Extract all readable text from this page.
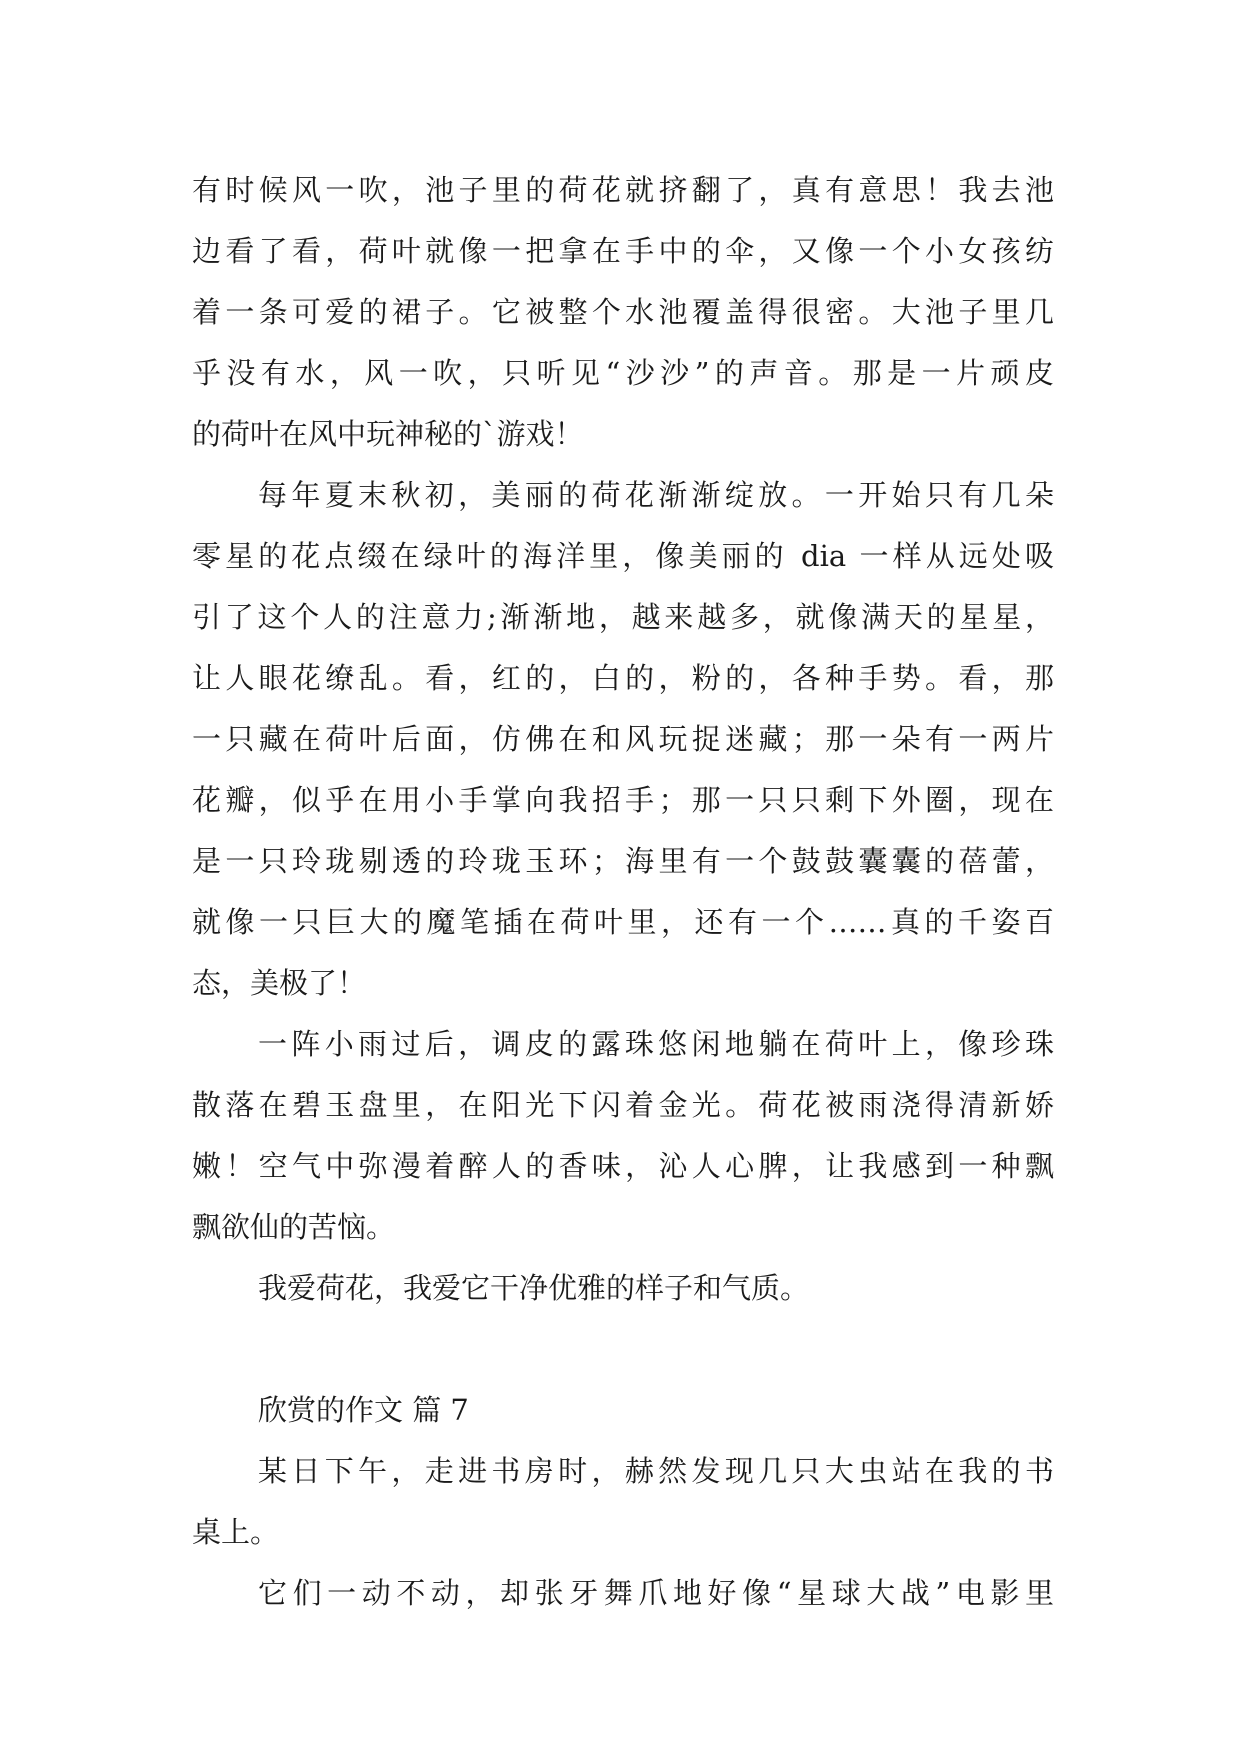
有时候风一吹，池子里的荷花就挤翻了，真有意思！我去池
边看了看，荷叶就像一把拿在手中的伞，又像一个小女孩纺
着一条可爱的裙子。它被整个水池覆盖得很密。大池子里几
乎没有水，风一吹，只听见“沙沙”的声音。那是一片顽皮
的荷叶在风中玩神秘的`游戏！
每年夏末秋初，美丽的荷花渐渐绽放。一开始只有几朵
零星的花点缀在绿叶的海洋里，像美丽的 dia 一样从远处吸
引了这个人的注意力;渐渐地，越来越多，就像满天的星星，
让人眼花缭乱。看，红的，白的，粉的，各种手势。看，那
一只藏在荷叶后面，仿佛在和风玩捉迷藏；那一朵有一两片
花瓣，似乎在用小手掌向我招手；那一只只剩下外圈，现在
是一只玲珑剔透的玲珑玉环；海里有一个鼓鼓囊囊的蓓蕾，
就像一只巨大的魔笔插在荷叶里，还有一个……真的千姿百
态，美极了！
一阵小雨过后，调皮的露珠悠闲地躺在荷叶上，像珍珠
散落在碧玉盘里，在阳光下闪着金光。荷花被雨浇得清新娇
嫩！空气中弥漫着醉人的香味，沁人心脾，让我感到一种飘
飘欲仙的苦恼。
我爱荷花，我爱它干净优雅的样子和气质。
欣赏的作文 篇 7
某日下午，走进书房时，赫然发现几只大虫站在我的书
桌上。
它们一动不动，却张牙舞爪地好像“星球大战”电影里
